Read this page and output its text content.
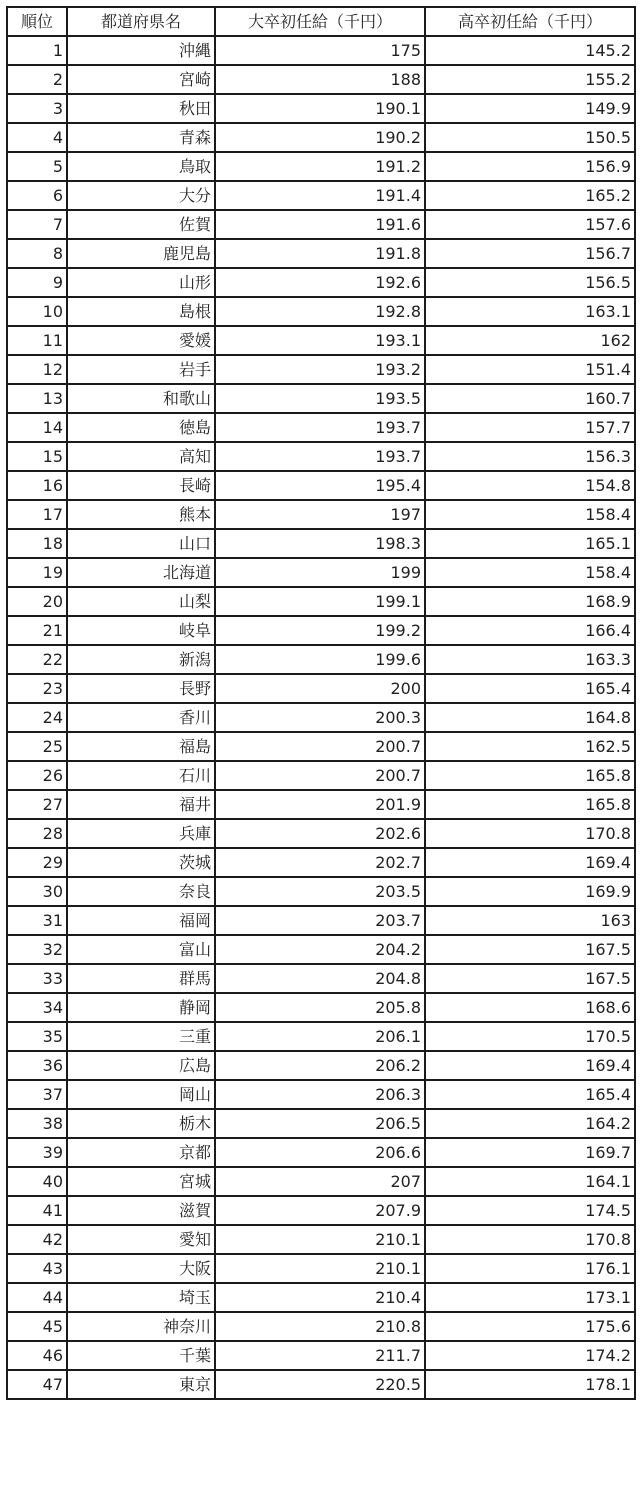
順位	都道府県名	大卒初任給（千円）	高卒初任給（千円）
1	沖縄	175	145.2
2	宮崎	188	155.2
3	秋田	190.1	149.9
4	青森	190.2	150.5
5	鳥取	191.2	156.9
6	大分	191.4	165.2
7	佐賀	191.6	157.6
8	鹿児島	191.8	156.7
9	山形	192.6	156.5
10	島根	192.8	163.1
11	愛媛	193.1	162
12	岩手	193.2	151.4
13	和歌山	193.5	160.7
14	徳島	193.7	157.7
15	高知	193.7	156.3
16	長崎	195.4	154.8
17	熊本	197	158.4
18	山口	198.3	165.1
19	北海道	199	158.4
20	山梨	199.1	168.9
21	岐阜	199.2	166.4
22	新潟	199.6	163.3
23	長野	200	165.4
24	香川	200.3	164.8
25	福島	200.7	162.5
26	石川	200.7	165.8
27	福井	201.9	165.8
28	兵庫	202.6	170.8
29	茨城	202.7	169.4
30	奈良	203.5	169.9
31	福岡	203.7	163
32	富山	204.2	167.5
33	群馬	204.8	167.5
34	静岡	205.8	168.6
35	三重	206.1	170.5
36	広島	206.2	169.4
37	岡山	206.3	165.4
38	栃木	206.5	164.2
39	京都	206.6	169.7
40	宮城	207	164.1
41	滋賀	207.9	174.5
42	愛知	210.1	170.8
43	大阪	210.1	176.1
44	埼玉	210.4	173.1
45	神奈川	210.8	175.6
46	千葉	211.7	174.2
47	東京	220.5	178.1
